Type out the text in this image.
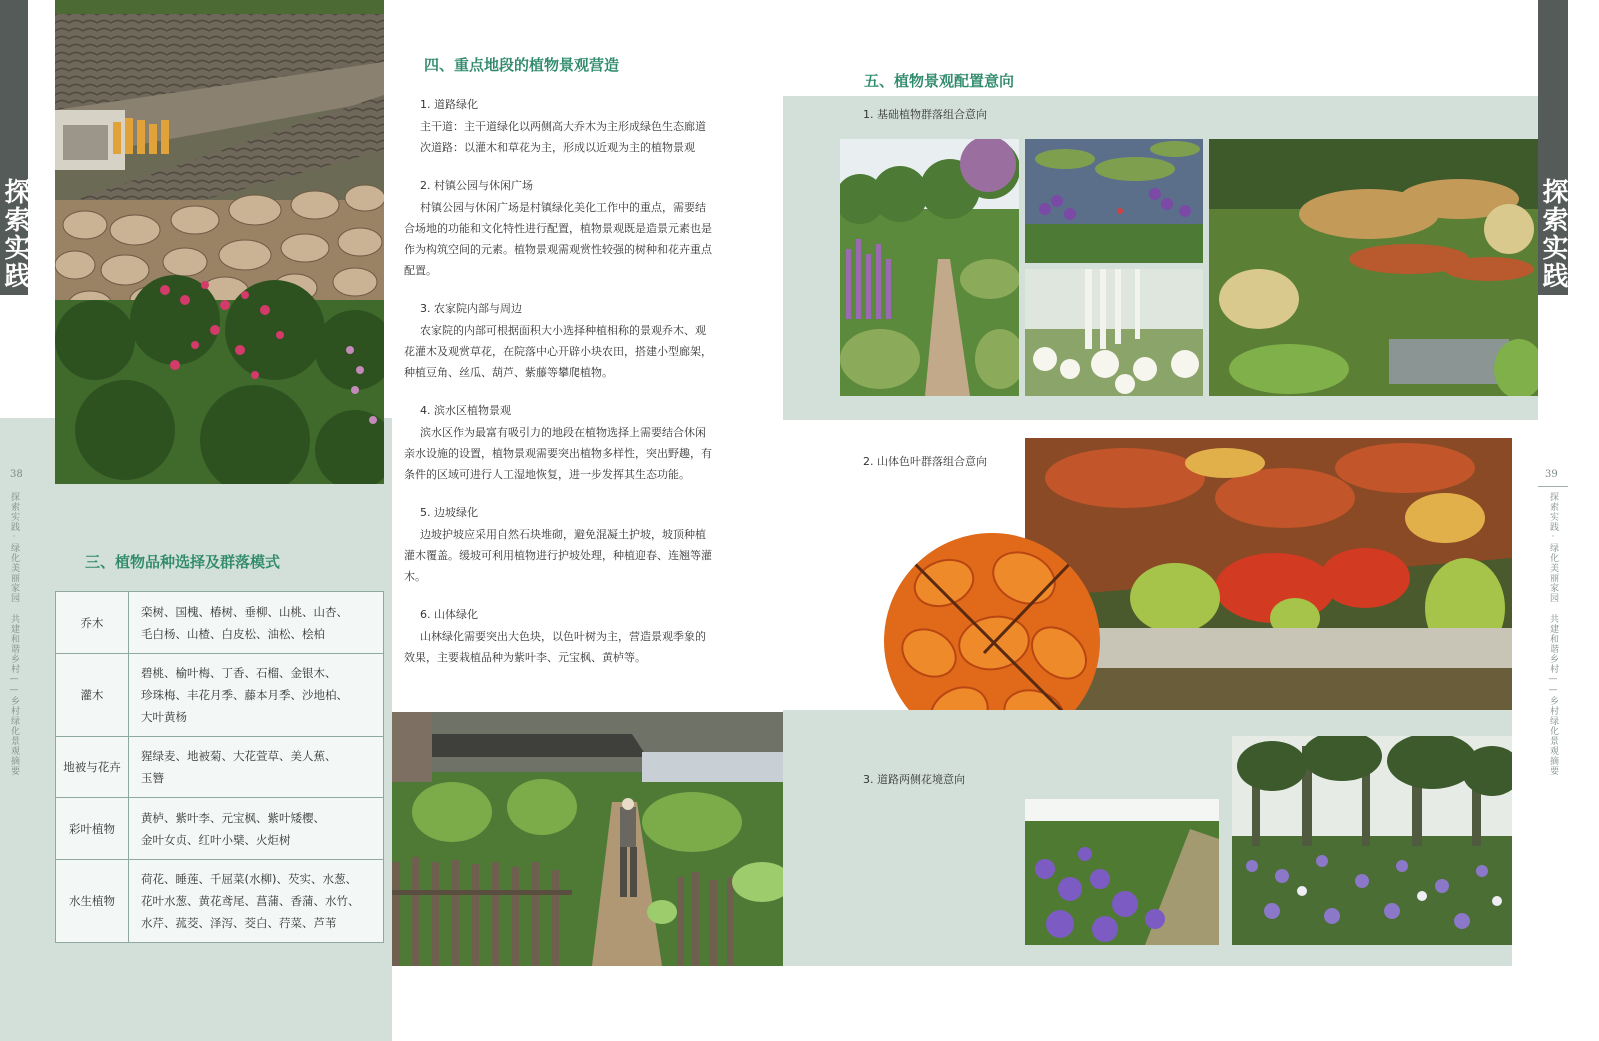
探索实践
38
探索实践·绿化美丽家园 共建和谐乡村——乡村绿化景观摘要	三、植物品种选择及群落模式
乔木	栾树、国槐、椿树、垂柳、山桃、山杏、
毛白杨、山楂、白皮松、油松、桧柏

灌木	碧桃、榆叶梅、丁香、石榴、金银木、
珍珠梅、丰花月季、藤本月季、沙地柏、
大叶黄杨

地被与花卉	猩绿麦、地被菊、大花萱草、美人蕉、
玉簪

彩叶植物	黄栌、紫叶李、元宝枫、紫叶矮樱、
金叶女贞、红叶小檗、火炬树

水生植物	荷花、睡莲、千屈菜(水柳)、芡实、水葱、
花叶水葱、黄花鸢尾、菖蒲、香蒲、水竹、
水芹、菰茭、泽泻、茭白、荇菜、芦苇
四、重点地段的植物景观营造

1. 道路绿化

主干道：主干道绿化以两侧高大乔木为主形成绿色生态廊道

次道路：以灌木和草花为主，形成以近观为主的植物景观

2. 村镇公园与休闲广场

村镇公园与休闲广场是村镇绿化美化工作中的重点，需要结

合场地的功能和文化特性进行配置，植物景观既是造景元素也是

作为构筑空间的元素。植物景观需观赏性较强的树种和花卉重点

配置。

3. 农家院内部与周边

农家院的内部可根据面积大小选择种植相称的景观乔木、观

花灌木及观赏草花，在院落中心开辟小块农田，搭建小型廊架，

种植豆角、丝瓜、葫芦、紫藤等攀爬植物。

4. 滨水区植物景观

滨水区作为最富有吸引力的地段在植物选择上需要结合休闲

亲水设施的设置，植物景观需要突出植物多样性，突出野趣，有

条件的区域可进行人工湿地恢复，进一步发挥其生态功能。

5. 边坡绿化

边坡护坡应采用自然石块堆砌，避免混凝土护坡，坡顶种植

灌木覆盖。缓坡可利用植物进行护坡处理，种植迎春、连翘等灌

木。

6. 山体绿化

山林绿化需要突出大色块，以色叶树为主，营造景观季象的

效果，主要栽植品种为紫叶李、元宝枫、黄栌等。

探索实践
39
探索实践·绿化美丽家园 共建和谐乡村——乡村绿化景观摘要
五、植物景观配置意向
1. 基础植物群落组合意向
2. 山体色叶群落组合意向
3. 道路两侧花境意向
